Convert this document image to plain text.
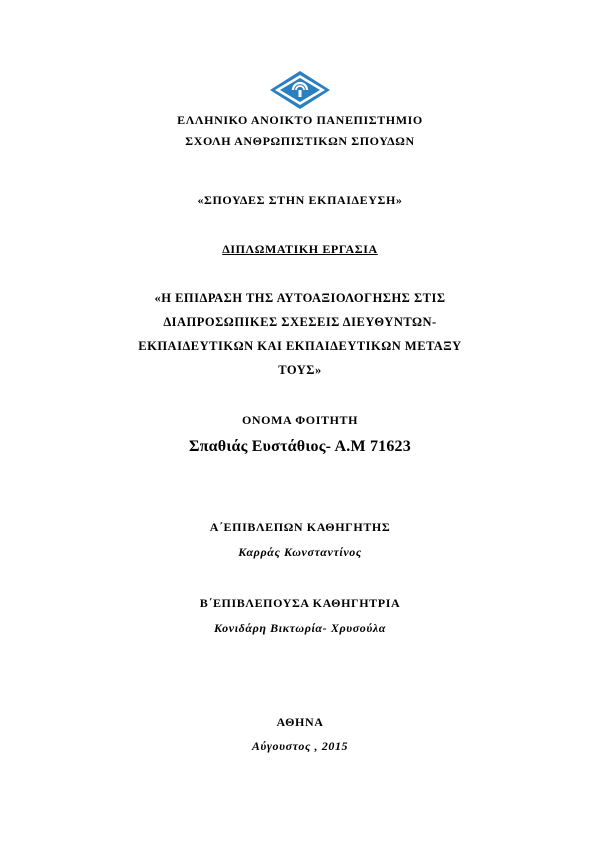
ΕΛΛΗΝΙΚΟ ΑΝΟΙΚΤΟ ΠΑΝΕΠΙΣΤΗΜΙΟ
ΣΧΟΛΗ ΑΝΘΡΩΠΙΣΤΙΚΩΝ ΣΠΟΥΔΩΝ
«ΣΠΟΥΔΕΣ ΣΤΗΝ ΕΚΠΑΙΔΕΥΣΗ»
ΔΙΠΛΩΜΑΤΙΚΗ ΕΡΓΑΣΙΑ
«Η ΕΠΙΔΡΑΣΗ ΤΗΣ ΑΥΤΟΑΞΙΟΛΟΓΗΣΗΣ ΣΤΙΣ
ΔΙΑΠΡΟΣΩΠΙΚΕΣ ΣΧΕΣΕΙΣ ΔΙΕΥΘΥΝΤΩΝ-
ΕΚΠΑΙΔΕΥΤΙΚΩΝ ΚΑΙ ΕΚΠΑΙΔΕΥΤΙΚΩΝ ΜΕΤΑΞΥ
ΤΟΥΣ»
ΟΝΟΜΑ ΦΟΙΤΗΤΗ
Σπαθιάς Ευστάθιος- Α.Μ 71623
Α΄ΕΠΙΒΛΕΠΩΝ ΚΑΘΗΓΗΤΗΣ
Καρράς Κωνσταντίνος
Β΄ΕΠΙΒΛΕΠΟΥΣΑ ΚΑΘΗΓΗΤΡΙΑ
Κονιδάρη Βικτωρία- Χρυσούλα
ΑΘΗΝΑ
Αύγουστος , 2015
